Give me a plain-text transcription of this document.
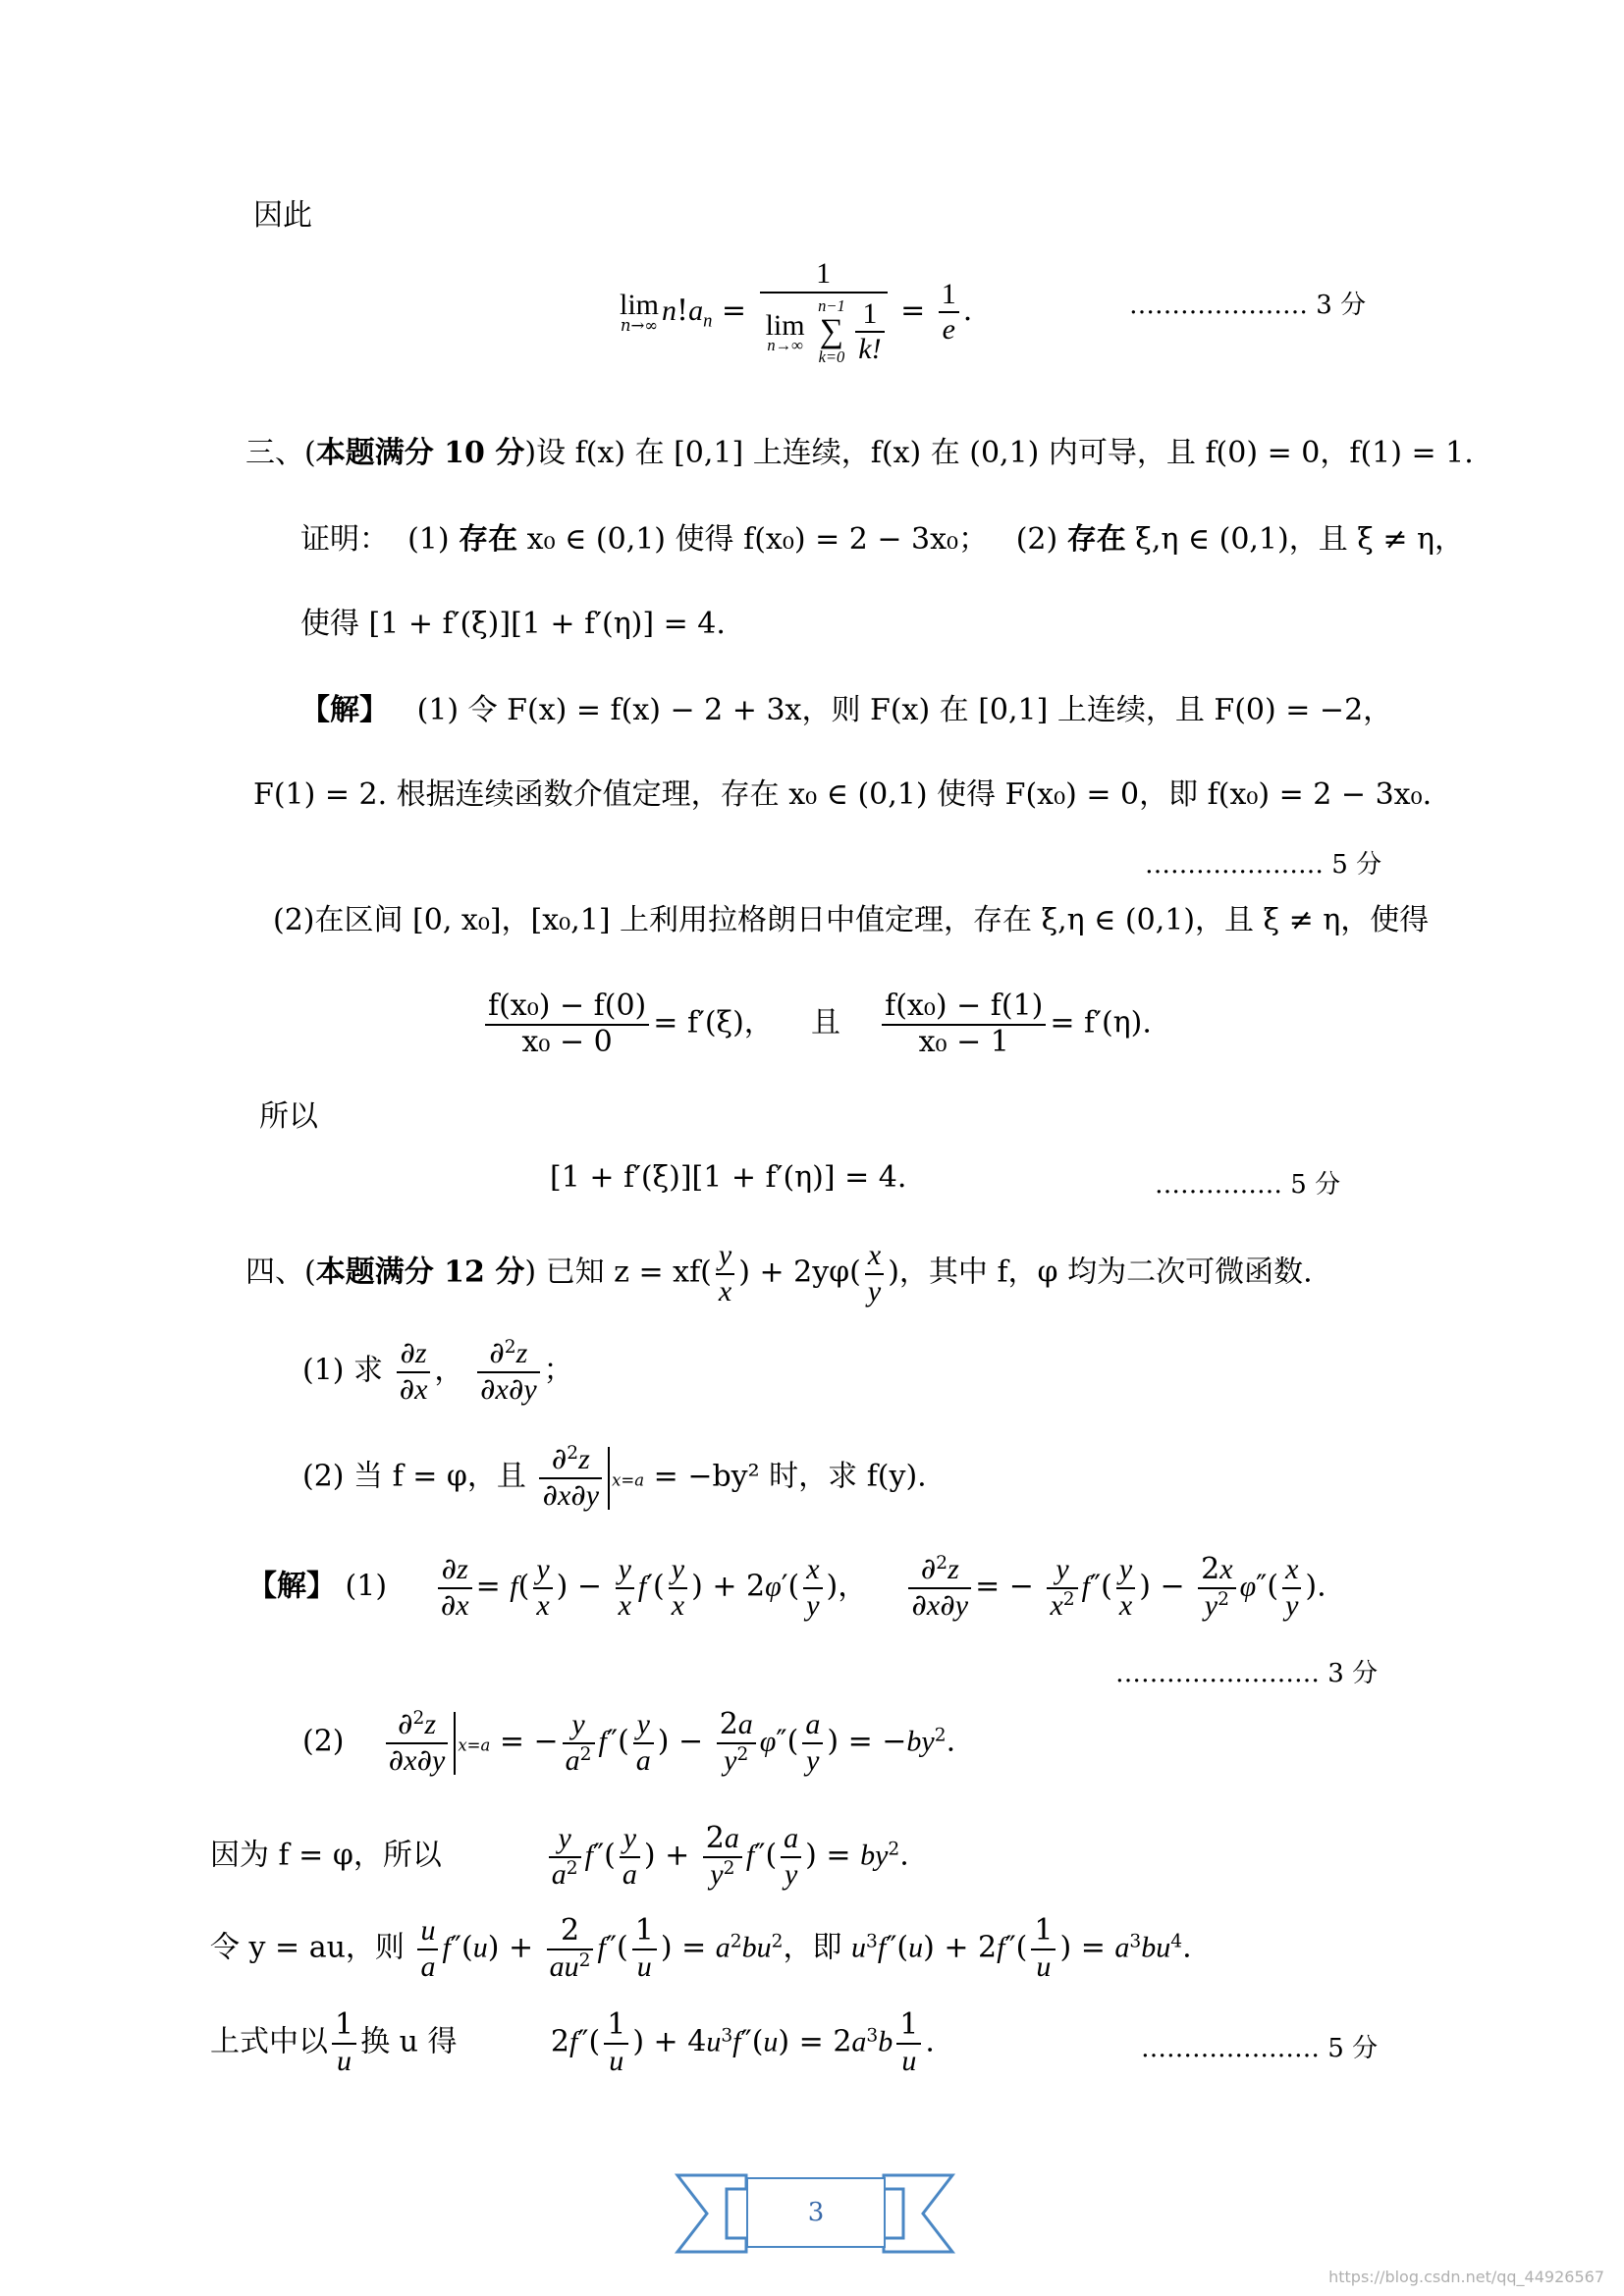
因此
lim
n→∞ $n!a_n = 1$
lim
n→∞

n−1
∑
k=0
$\frac{1}{k!} = \frac{1}{e}$ .	………………… 3 分
三、(本题满分 10 分)设 f(x) 在 [0,1] 上连续，f(x) 在 (0,1) 内可导，且 f(0) = 0，f(1) = 1.
证明： (1) 存在 x₀ ∈ (0,1) 使得 f(x₀) = 2 − 3x₀； (2) 存在 ξ,η ∈ (0,1)，且 ξ ≠ η，
使得 [1 + f′(ξ)][1 + f′(η)] = 4.
【解】 (1) 令 F(x) = f(x) − 2 + 3x，则 F(x) 在 [0,1] 上连续，且 F(0) = −2，
F(1) = 2. 根据连续函数介值定理，存在 x₀ ∈ (0,1) 使得 F(x₀) = 0，即 f(x₀) = 2 − 3x₀.
………………… 5 分
(2)在区间 [0, x₀]，[x₀,1] 上利用拉格朗日中值定理，存在 ξ,η ∈ (0,1)，且 ξ ≠ η，使得
$\frac{\text{f(x₀) − f(0)}}{\text{x₀ − 0}} = f'(\xi)$， 且 $\frac{\text{f(x₀) − f(1)}}{\text{x₀ − 1}} = f'(\eta)$.
所以
[1 + f′(ξ)][1 + f′(η)] = 4.	…………… 5 分
四、(本题满分 12 分) 已知 $z = xf( \frac{y}{x}$ ) + $2y\varphi( \frac{x}{y}$ )，其中 f，φ 均为二次可微函数.
(1) 求 $\frac{\partial z}{\partial x}$ ， $\frac{\partial^2z}{\partial x\partial y}$ ；
(2) 当 f = φ，且 $\frac{\partial^2z}{\partial x\partial y} x=a = -by^2$ 时，求 f(y).
【解】 $(1) \frac{\partial z}{\partial x} = f( \frac{y}{x}$ ) − $\frac{y}{x} f'( \frac{y}{x}$ ) + $2\varphi'( \frac{x}{y}$ )， $\frac{\partial^2z}{\partial x\partial y}$ = − $\frac{y}{x^2} f''( \frac{y}{x}$ ) − $\frac{2x}{y^2} \varphi''( \frac{x}{y}$ ).
…………………… 3 分
$(2) \frac{\partial^2z}{\partial x\partial y} x=a$ = − $\frac{y}{a^2} f''( \frac{y}{a}$ ) − $\frac{2a}{y^2} \varphi''( \frac{a}{y}$ ) = $-by^2$.
因为 f = φ，所以	$\frac{y}{a^2} f''( \frac{y}{a}$ ) + $\frac{2a}{y^2} f''( \frac{a}{y}$ ) = $by^2$.
令 y = au，则 $\frac{u}{a} f''(u) + \frac{2}{au^2} f''( \frac{1}{u}$ ) = $a^2bu^2$，即 $u^3f''(u) + 2f''( \frac{1}{u}$ ) = $a^3bu^4$.
上式中以 $\frac{1}{u}$ 换 u 得          $2f''( \frac{1}{u}$ ) + $4u^3f''(u) = 2a^3b \frac{1}{u}$ .	………………… 5 分
3
https://blog.csdn.net/qq_44926567
